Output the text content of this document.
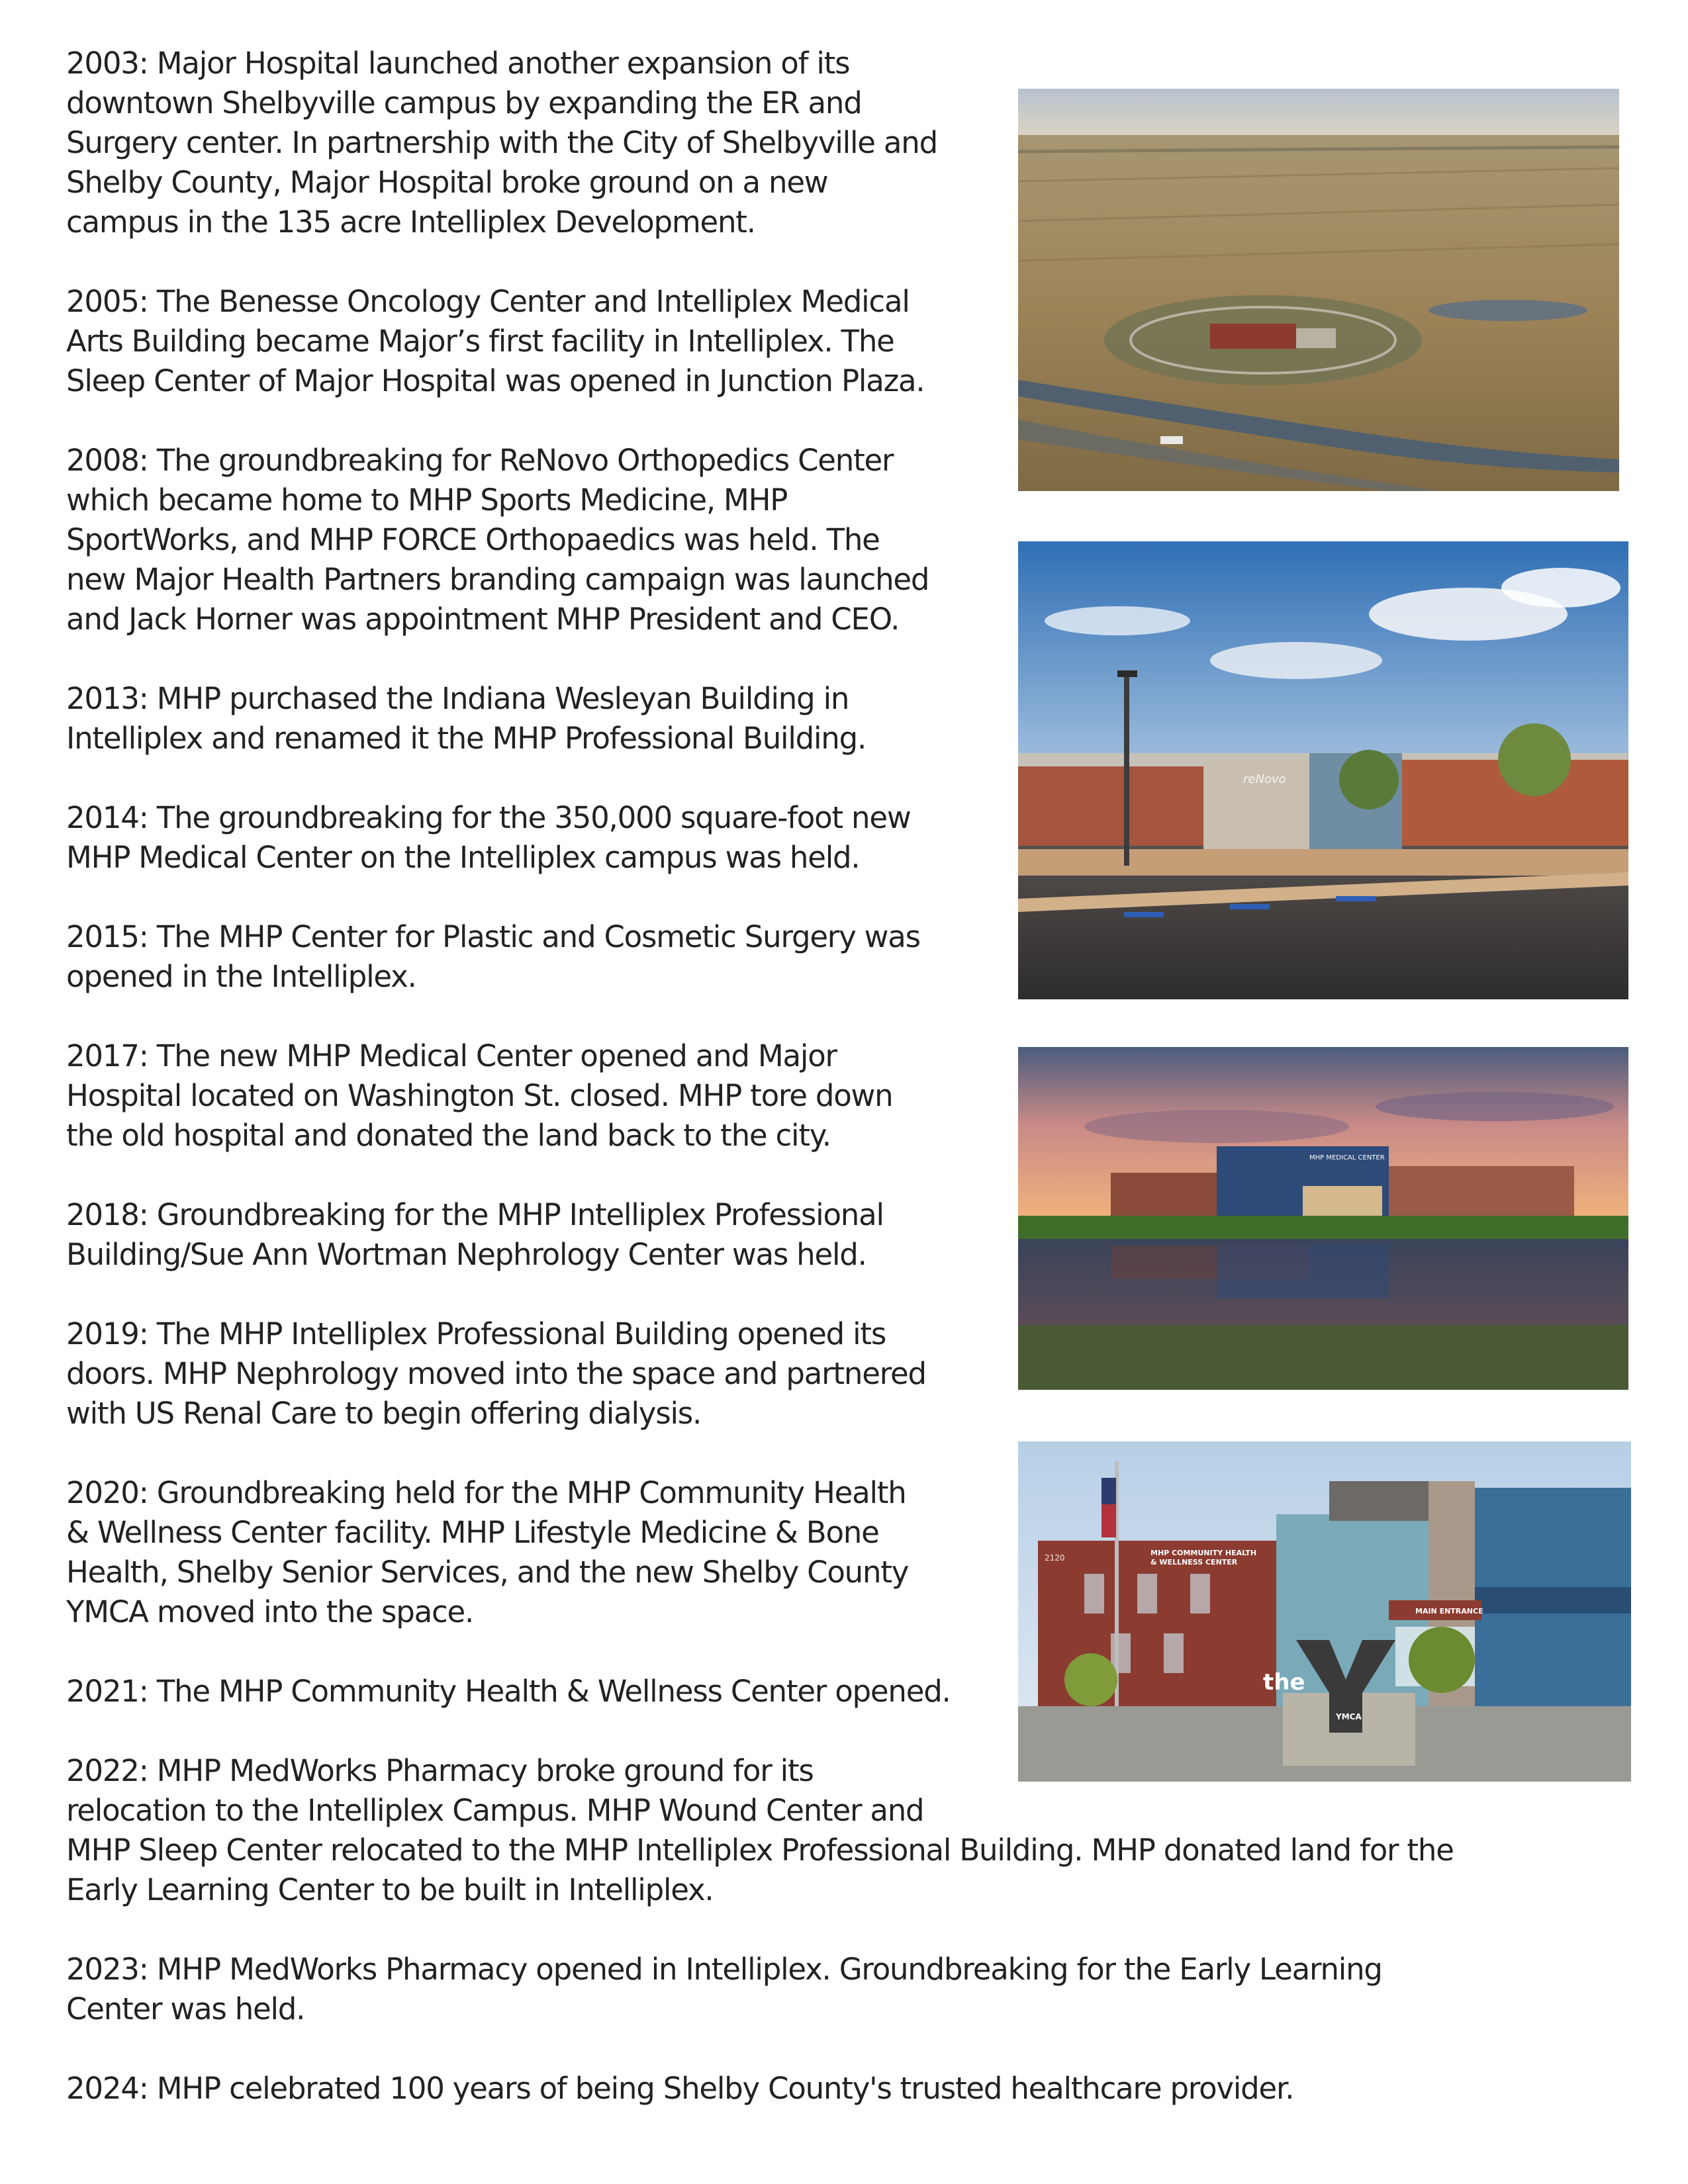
2003: Major Hospital launched another expansion of its
downtown Shelbyville campus by expanding the ER and
Surgery center. In partnership with the City of Shelbyville and
Shelby County, Major Hospital broke ground on a new
campus in the 135 acre Intelliplex Development.

2005: The Benesse Oncology Center and Intelliplex Medical
Arts Building became Major’s first facility in Intelliplex. The
Sleep Center of Major Hospital was opened in Junction Plaza.

2008: The groundbreaking for ReNovo Orthopedics Center
which became home to MHP Sports Medicine, MHP
SportWorks, and MHP FORCE Orthopaedics was held. The
new Major Health Partners branding campaign was launched
and Jack Horner was appointment MHP President and CEO.

2013: MHP purchased the Indiana Wesleyan Building in
Intelliplex and renamed it the MHP Professional Building.

2014: The groundbreaking for the 350,000 square-foot new
MHP Medical Center on the Intelliplex campus was held.

2015: The MHP Center for Plastic and Cosmetic Surgery was
opened in the Intelliplex.

2017: The new MHP Medical Center opened and Major
Hospital located on Washington St. closed. MHP tore down
the old hospital and donated the land back to the city.

2018: Groundbreaking for the MHP Intelliplex Professional
Building/Sue Ann Wortman Nephrology Center was held.

2019: The MHP Intelliplex Professional Building opened its
doors. MHP Nephrology moved into the space and partnered
with US Renal Care to begin offering dialysis.

2020: Groundbreaking held for the MHP Community Health
& Wellness Center facility. MHP Lifestyle Medicine & Bone
Health, Shelby Senior Services, and the new Shelby County
YMCA moved into the space.

2021: The MHP Community Health & Wellness Center opened.

2022: MHP MedWorks Pharmacy broke ground for its
relocation to the Intelliplex Campus. MHP Wound Center and
MHP Sleep Center relocated to the MHP Intelliplex Professional Building. MHP donated land for the
Early Learning Center to be built in Intelliplex.

2023: MHP MedWorks Pharmacy opened in Intelliplex. Groundbreaking for the Early Learning
Center was held.

2024: MHP celebrated 100 years of being Shelby County's trusted healthcare provider.

reNovo
MHP MEDICAL CENTER
2120
MHP COMMUNITY HEALTH
& WELLNESS CENTER
MAIN ENTRANCE
the
YMCA
